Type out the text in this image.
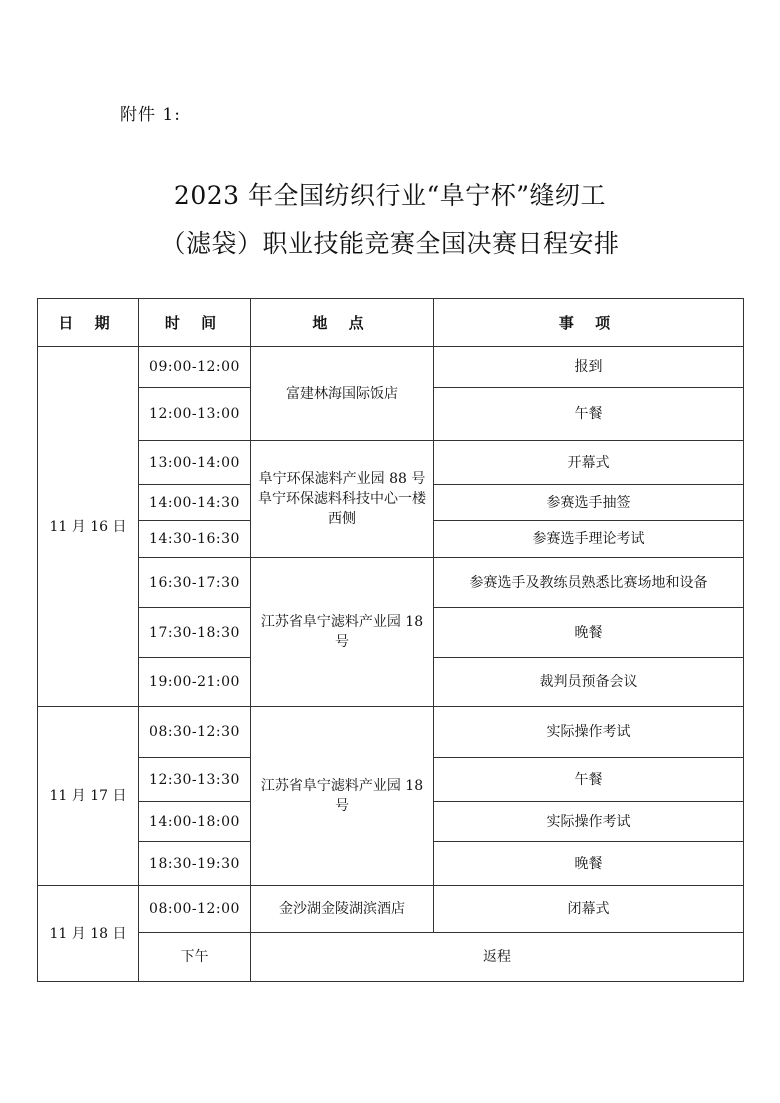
附件 1:
2023 年全国纺织行业“阜宁杯”缝纫工
（滤袋）职业技能竞赛全国决赛日程安排
日 期	时 间	地 点	事 项
11 月 16 日	09:00-12:00	富建林海国际饭店	报到
	12:00-13:00		午餐
	13:00-14:00	阜宁环保滤料产业园 88 号阜宁环保滤料科技中心一楼西侧	开幕式
	14:00-14:30		参赛选手抽签
	14:30-16:30		参赛选手理论考试
	16:30-17:30	江苏省阜宁滤料产业园 18 号	参赛选手及教练员熟悉比赛场地和设备
	17:30-18:30		晚餐
	19:00-21:00		裁判员预备会议
11 月 17 日	08:30-12:30	江苏省阜宁滤料产业园 18 号	实际操作考试
	12:30-13:30		午餐
	14:00-18:00		实际操作考试
	18:30-19:30		晚餐
11 月 18 日	08:00-12:00	金沙湖金陵湖滨酒店	闭幕式
	下午	返程	
